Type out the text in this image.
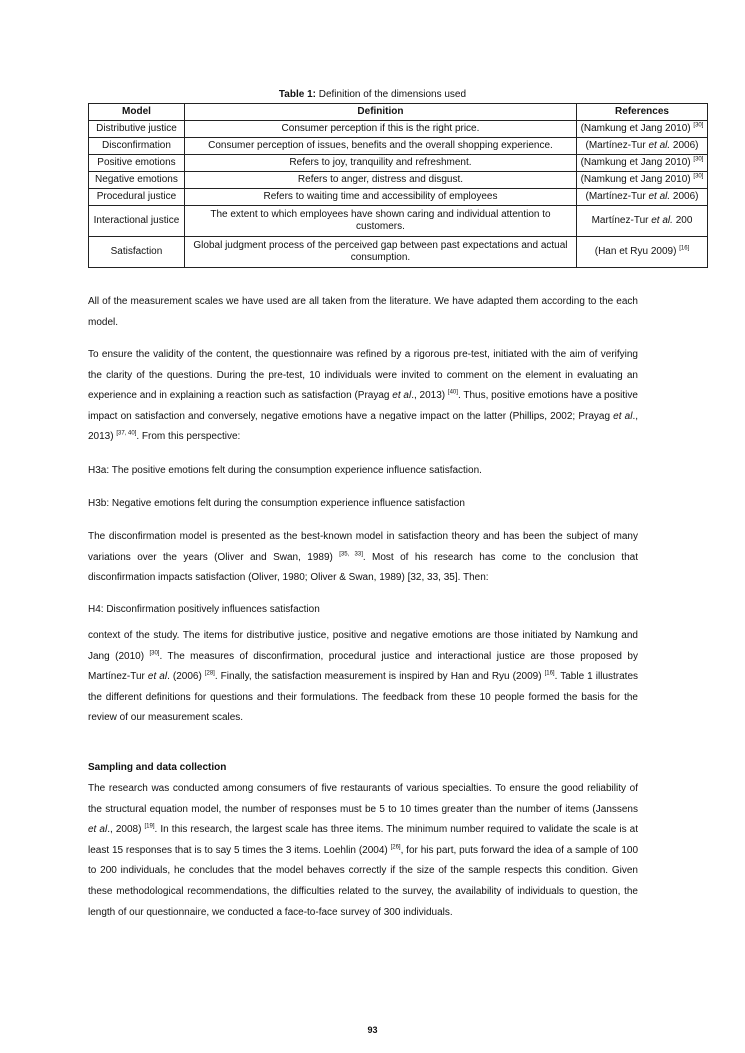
Table 1: Definition of the dimensions used
Model	Definition	References
Distributive justice	Consumer perception if this is the right price.	(Namkung et Jang 2010) [30]
Disconfirmation	Consumer perception of issues, benefits and the overall shopping experience.	(Martínez-Tur et al. 2006)
Positive emotions	Refers to joy, tranquility and refreshment.	(Namkung et Jang 2010) [30]
Negative emotions	Refers to anger, distress and disgust.	(Namkung et Jang 2010) [30]
Procedural justice	Refers to waiting time and accessibility of employees	(Martínez-Tur et al. 2006)
Interactional justice	The extent to which employees have shown caring and individual attention to customers.	Martínez-Tur et al. 200
Satisfaction	Global judgment process of the perceived gap between past expectations and actual consumption.	(Han et Ryu 2009) [16]
All of the measurement scales we have used are all taken from the literature. We have adapted them according to the each model.
To ensure the validity of the content, the questionnaire was refined by a rigorous pre-test, initiated with the aim of verifying the clarity of the questions. During the pre-test, 10 individuals were invited to comment on the element in evaluating an experience and in explaining a reaction such as satisfaction (Prayag et al., 2013) [40]. Thus, positive emotions have a positive impact on satisfaction and conversely, negative emotions have a negative impact on the latter (Phillips, 2002; Prayag et al., 2013) [37, 40]. From this perspective:
H3a: The positive emotions felt during the consumption experience influence satisfaction.
H3b: Negative emotions felt during the consumption experience influence satisfaction
The disconfirmation model is presented as the best-known model in satisfaction theory and has been the subject of many variations over the years (Oliver and Swan, 1989) [35, 33]. Most of his research has come to the conclusion that disconfirmation impacts satisfaction (Oliver, 1980; Oliver & Swan, 1989) [32, 33, 35]. Then:
H4: Disconfirmation positively influences satisfaction
context of the study. The items for distributive justice, positive and negative emotions are those initiated by Namkung and Jang (2010) [30]. The measures of disconfirmation, procedural justice and interactional justice are those proposed by Martínez-Tur et al. (2006) [28]. Finally, the satisfaction measurement is inspired by Han and Ryu (2009) [16]. Table 1 illustrates the different definitions for questions and their formulations. The feedback from these 10 people formed the basis for the review of our measurement scales.
Sampling and data collection
The research was conducted among consumers of five restaurants of various specialties. To ensure the good reliability of the structural equation model, the number of responses must be 5 to 10 times greater than the number of items (Janssens et al., 2008) [19]. In this research, the largest scale has three items. The minimum number required to validate the scale is at least 15 responses that is to say 5 times the 3 items. Loehlin (2004) [26], for his part, puts forward the idea of a sample of 100 to 200 individuals, he concludes that the model behaves correctly if the size of the sample respects this condition. Given these methodological recommendations, the difficulties related to the survey, the availability of individuals to question, the length of our questionnaire, we conducted a face-to-face survey of 300 individuals.
93
